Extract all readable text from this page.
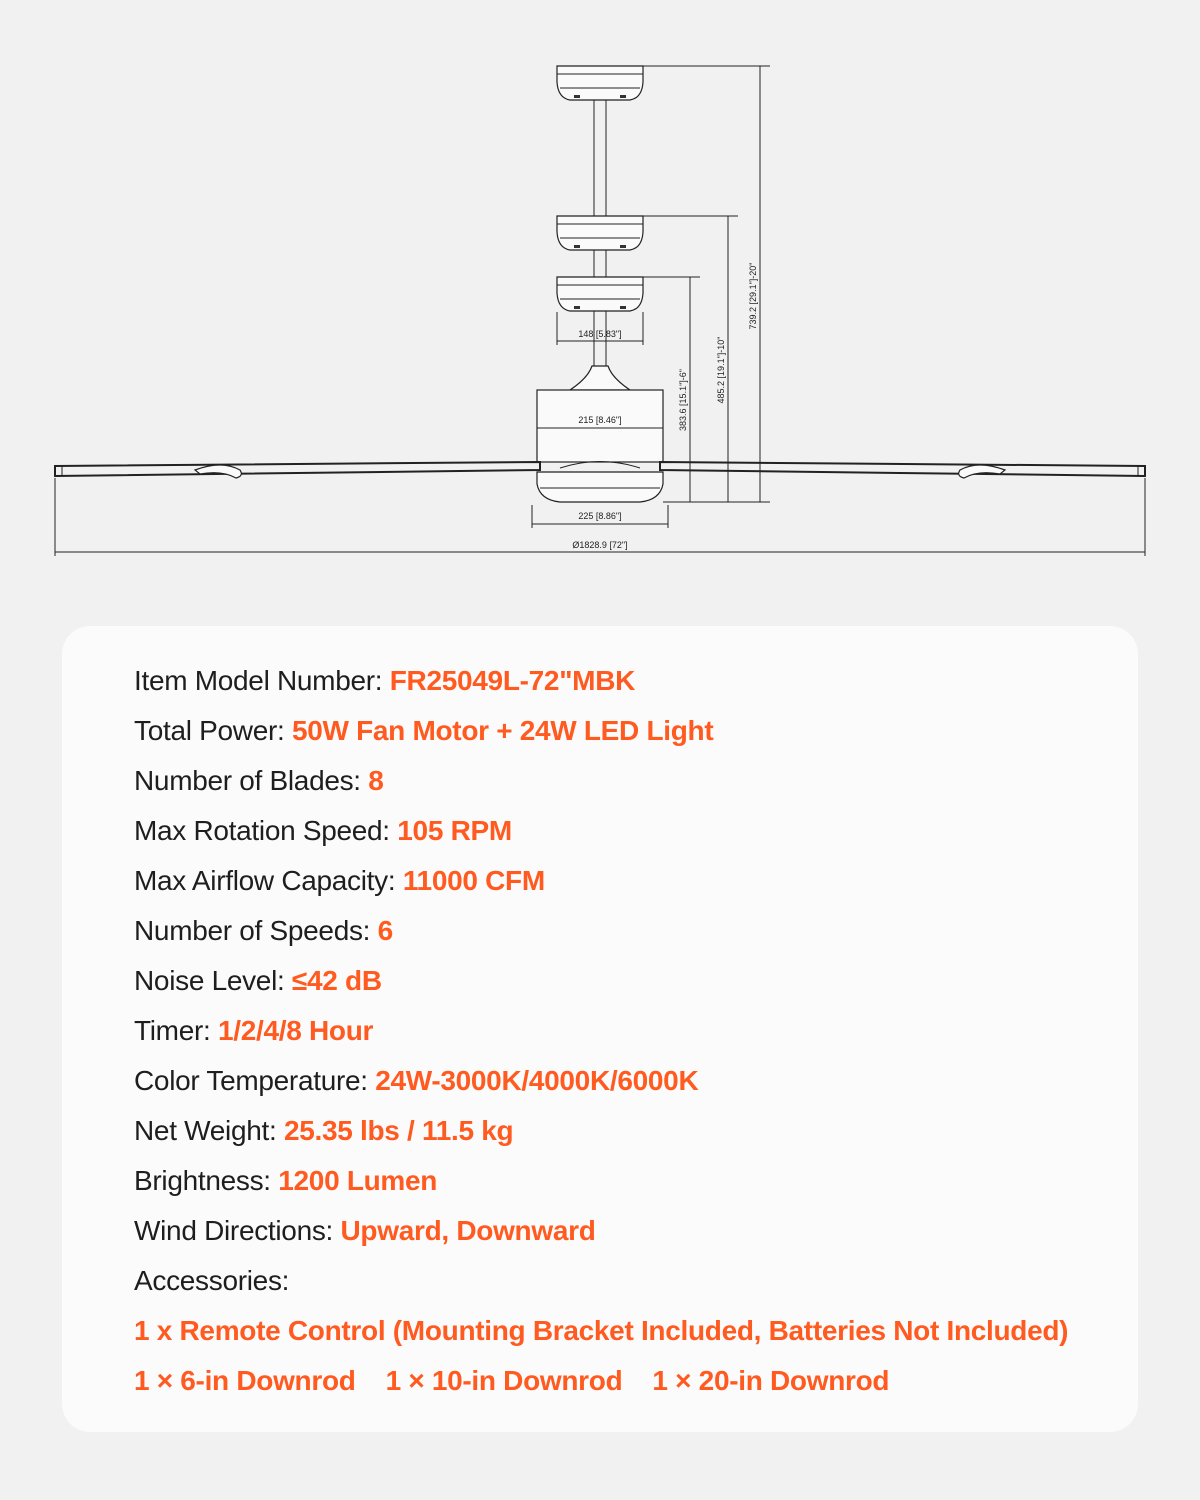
148 [5.83"]
215 [8.46"]
225 [8.86"]
Ø1828.9 [72"]
383.6 [15.1"]-6"	485.2 [19.1"]-10"
739.2 [29.1"]-20"
Item Model Number: FR25049L-72"MBK
Total Power: 50W Fan Motor + 24W LED Light
Number of Blades: 8
Max Rotation Speed: 105 RPM
Max Airflow Capacity: 11000 CFM
Number of Speeds: 6
Noise Level: ≤42 dB
Timer: 1/2/4/8 Hour
Color Temperature: 24W-3000K/4000K/6000K
Net Weight: 25.35 lbs / 11.5 kg
Brightness: 1200 Lumen
Wind Directions: Upward, Downward
Accessories:
1 x Remote Control (Mounting Bracket Included, Batteries Not Included)
1 × 6-in Downrod 1 × 10-in Downrod 1 × 20-in Downrod
